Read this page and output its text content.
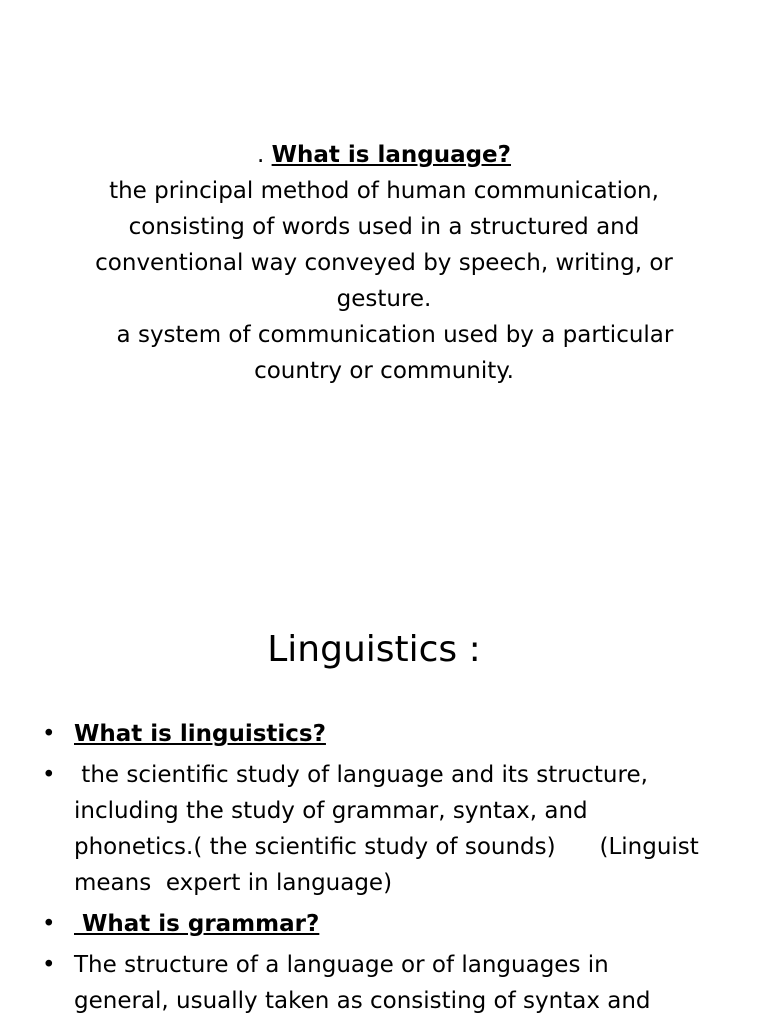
. What is language?
the principal method of human communication,
consisting of words used in a structured and
conventional way conveyed by speech, writing, or
gesture.
a system of communication used by a particular
country or community.
Linguistics :
• What is linguistics?
• the scientific study of language and its structure,
including the study of grammar, syntax, and
phonetics.( the scientific study of sounds)      (Linguist
means  expert in language)
• What is grammar?
• The structure of a language or of languages in
general, usually taken as consisting of syntax and
